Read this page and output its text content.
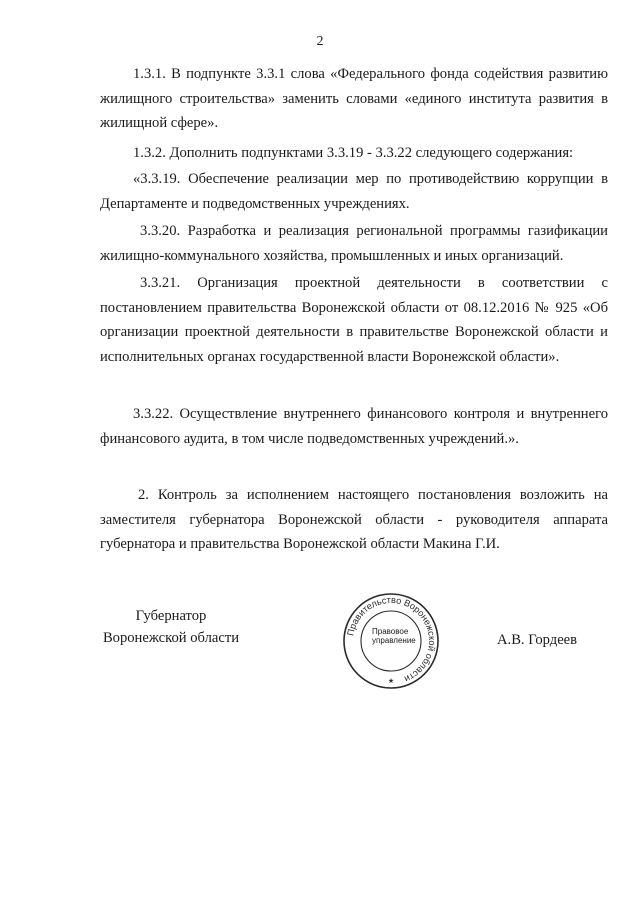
2

1.3.1. В подпункте 3.3.1 слова «Федерального фонда содействия развитию жилищного строительства» заменить словами «единого института развития в жилищной сфере».

1.3.2. Дополнить подпунктами 3.3.19 - 3.3.22 следующего содержания:

«3.3.19. Обеспечение реализации мер по противодействию коррупции в Департаменте и подведомственных учреждениях.

3.3.20. Разработка и реализация региональной программы газификации жилищно-коммунального хозяйства, промышленных и иных организаций.

3.3.21. Организация проектной деятельности в соответствии с постановлением правительства Воронежской области от 08.12.2016 № 925 «Об организации проектной деятельности в правительстве Воронежской области и исполнительных органах государственной власти Воронежской области».

3.3.22. Осуществление внутреннего финансового контроля и внутреннего финансового аудита, в том числе подведомственных учреждений.».

2. Контроль за исполнением настоящего постановления возложить на заместителя губернатора Воронежской области - руководителя аппарата губернатора и правительства Воронежской области Макина Г.И.

Губернатор
Воронежской области	Правительство Воронежской области
★
Правовое управление	А.В. Гордеев
